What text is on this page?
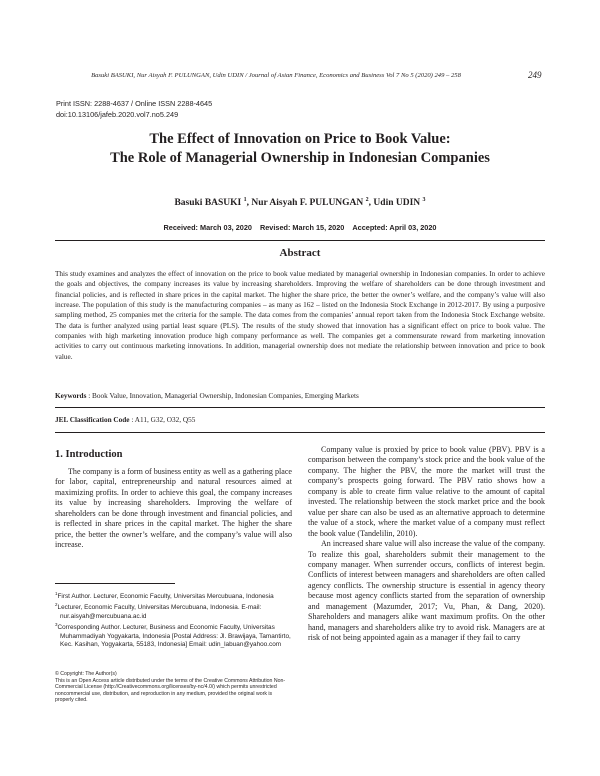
Basuki BASUKI, Nur Aisyah F. PULUNGAN, Udin UDIN / Journal of Asian Finance, Economics and Business Vol 7 No 5 (2020) 249 – 258	249
Print ISSN: 2288-4637 / Online ISSN 2288-4645
doi:10.13106/jafeb.2020.vol7.no5.249
The Effect of Innovation on Price to Book Value:
The Role of Managerial Ownership in Indonesian Companies
Basuki BASUKI $^1$, Nur Aisyah F. PULUNGAN $^2$, Udin UDIN $^3$
Received: March 03, 2020 Revised: March 15, 2020 Accepted: April 03, 2020
Abstract
This study examines and analyzes the effect of innovation on the price to book value mediated by managerial ownership in Indonesian companies. In order to achieve the goals and objectives, the company increases its value by increasing shareholders. Improving the welfare of shareholders can be done through investment and financial policies, and is reflected in share prices in the capital market. The higher the share price, the better the owner’s welfare, and the company’s value will also increase. The population of this study is the manufacturing companies – as many as 162 – listed on the Indonesia Stock Exchange in 2012-2017. By using a purposive sampling method, 25 companies met the criteria for the sample. The data comes from the companies’ annual report taken from the Indonesia Stock Exchange website. The data is further analyzed using partial least square (PLS). The results of the study showed that innovation has a significant effect on price to book value. The companies with high marketing innovation produce high company performance as well. The companies get a commensurate reward from marketing innovation activities to carry out continuous marketing innovations. In addition, managerial ownership does not mediate the relationship between innovation and price to book value.
Keywords : Book Value, Innovation, Managerial Ownership, Indonesian Companies, Emerging Markets
JEL Classification Code : A11, G32, O32, Q55
1. Introduction

The company is a form of business entity as well as a gathering place for labor, capital, entrepreneurship and natural resources aimed at maximizing profits. In order to achieve this goal, the company increases its value by increasing shareholders. Improving the welfare of shareholders can be done through investment and financial policies, and is reflected in share prices in the capital market. The higher the share price, the better the owner’s welfare, and the company’s value will also increase.

Company value is proxied by price to book value (PBV). PBV is a comparison between the company’s stock price and the book value of the company. The higher the PBV, the more the market will trust the company’s prospects going forward. The PBV ratio shows how a company is able to create firm value relative to the amount of capital invested. The relationship between the stock market price and the book value per share can also be used as an alternative approach to determine the value of a stock, where the market value of a company must reflect the book value (Tandelilin, 2010).

An increased share value will also increase the value of the company. To realize this goal, shareholders submit their management to the company manager. When surrender occurs, conflicts of interest begin. Conflicts of interest between managers and shareholders are often called agency conflicts. The ownership structure is essential in agency theory because most agency conflicts started from the separation of ownership and management (Mazumder, 2017; Vu, Phan, & Dang, 2020). Shareholders and managers alike want maximum profits. On the other hand, managers and shareholders alike try to avoid risk. Managers are at risk of not being appointed again as a manager if they fail to carry

$^1$First Author. Lecturer, Economic Faculty, Universitas Mercubuana, Indonesia
$^2$Lecturer, Economic Faculty, Universitas Mercubuana, Indonesia. E-mail: nur.aisyah@mercubuana.ac.id
$^3$Corresponding Author. Lecturer, Business and Economic Faculty, Universitas Muhammadiyah Yogyakarta, Indonesia [Postal Address: Jl. Brawijaya, Tamantirto, Kec. Kasihan, Yogyakarta, 55183, Indonesia] Email: udin_labuan@yahoo.com
© Copyright: The Author(s)
This is an Open Access article distributed under the terms of the Creative Commons Attribution Non-Commercial License (http://Creativecommons.org/licenses/by-nc/4.0/) which permits unrestricted noncommercial use, distribution, and reproduction in any medium, provided the original work is properly cited.
